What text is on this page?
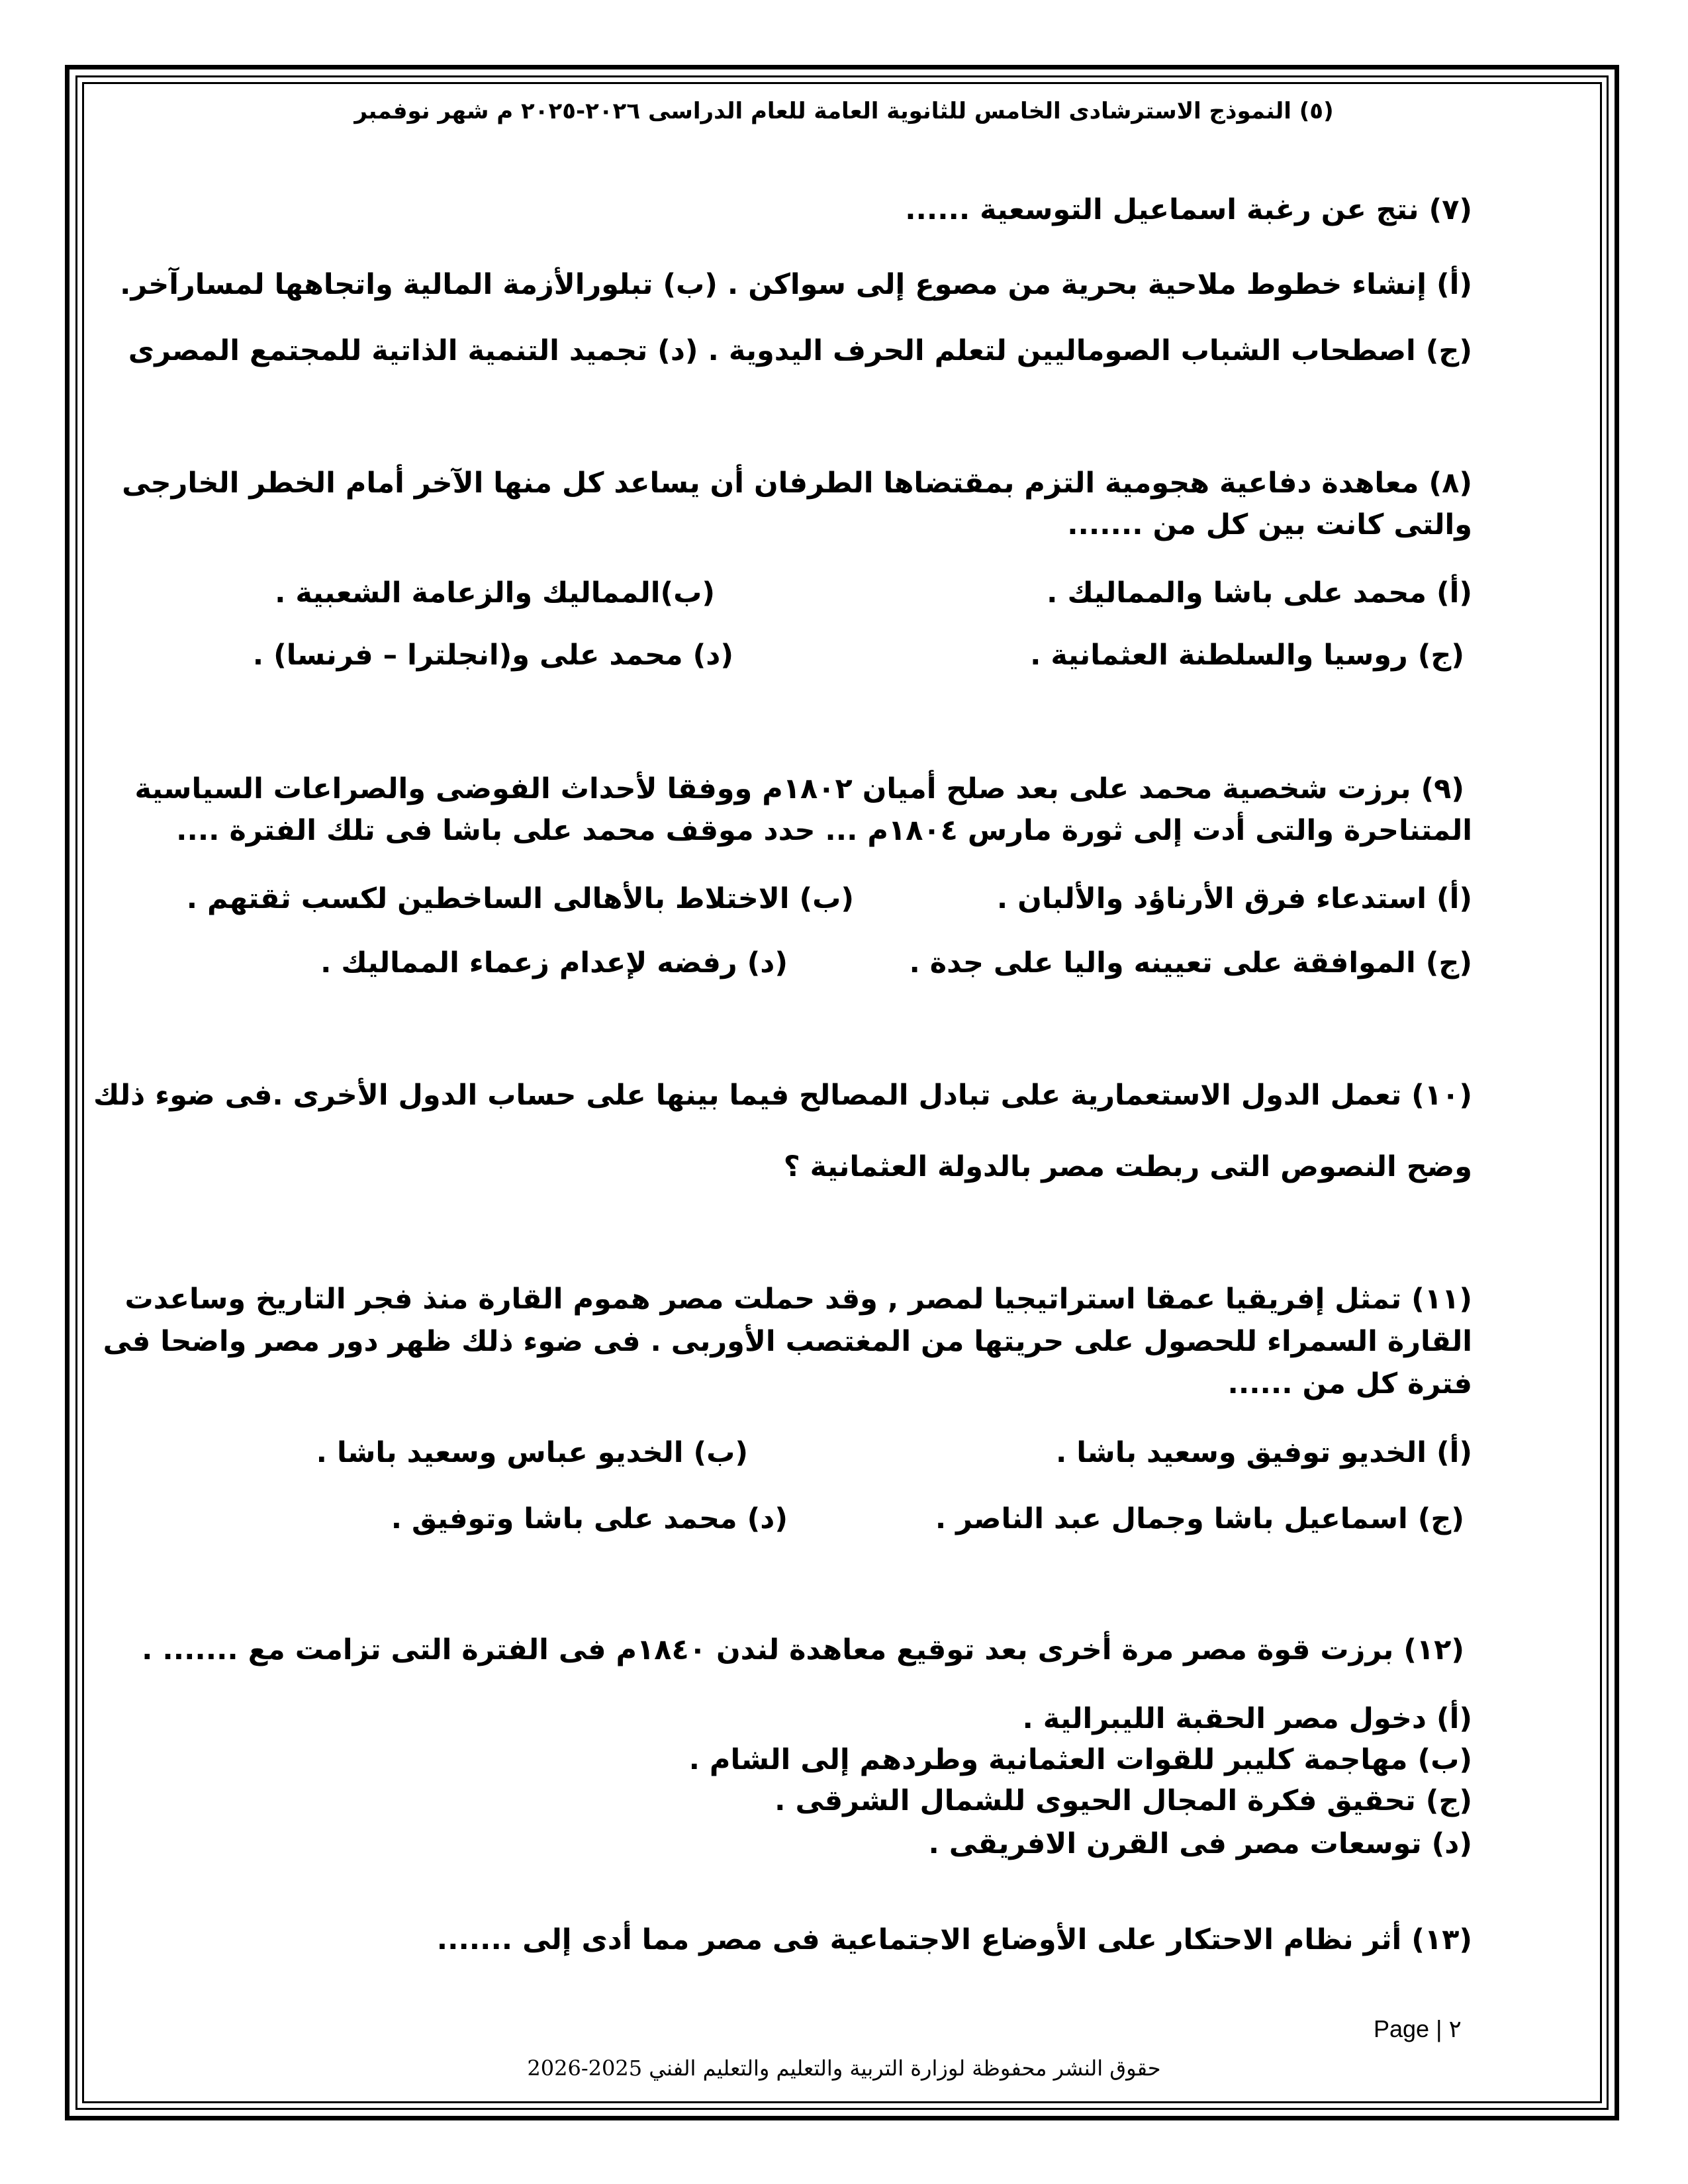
(٥) النموذج الاسترشادى الخامس للثانوية العامة للعام الدراسى ٢٠٢٦-٢٠٢٥ م شهر نوفمبر
(٧) نتج عن رغبة اسماعيل التوسعية ......
(أ) إنشاء خطوط ملاحية بحرية من مصوع إلى سواكن . (ب) تبلورالأزمة المالية واتجاهها لمسارآخر.
(ج) اصطحاب الشباب الصوماليين لتعلم الحرف اليدوية . (د) تجميد التنمية الذاتية للمجتمع المصرى
(٨) معاهدة دفاعية هجومية التزم بمقتضاها الطرفان أن يساعد كل منها الآخر أمام الخطر الخارجى
والتى كانت بين كل من .......
(أ) محمد على باشا والمماليك .
(ب)المماليك والزعامة الشعبية .
(ج) روسيا والسلطنة العثمانية .
(د) محمد على و(انجلترا – فرنسا) .
(٩) برزت شخصية محمد على بعد صلح أميان ١٨٠٢م ووفقا لأحداث الفوضى والصراعات السياسية
المتناحرة والتى أدت إلى ثورة مارس ١٨٠٤م ... حدد موقف محمد على باشا فى تلك الفترة ....
(أ) استدعاء فرق الأرناؤد والألبان .
(ب) الاختلاط بالأهالى الساخطين لكسب ثقتهم .
(ج) الموافقة على تعيينه واليا على جدة .
(د) رفضه لإعدام زعماء المماليك .
(١٠) تعمل الدول الاستعمارية على تبادل المصالح فيما بينها على حساب الدول الأخرى .فى ضوء ذلك
وضح النصوص التى ربطت مصر بالدولة العثمانية ؟
(١١) تمثل إفريقيا عمقا استراتيجيا لمصر , وقد حملت مصر هموم القارة منذ فجر التاريخ وساعدت
القارة السمراء للحصول على حريتها من المغتصب الأوربى . فى ضوء ذلك ظهر دور مصر واضحا فى
فترة كل من ......
(أ) الخديو توفيق وسعيد باشا .
(ب) الخديو عباس وسعيد باشا .
(ج) اسماعيل باشا وجمال عبد الناصر .
(د) محمد على باشا وتوفيق .
(١٢) برزت قوة مصر مرة أخرى بعد توقيع معاهدة لندن ١٨٤٠م فى الفترة التى تزامت مع ....... .
(أ) دخول مصر الحقبة الليبرالية .
(ب) مهاجمة كليبر للقوات العثمانية وطردهم إلى الشام .
(ج) تحقيق فكرة المجال الحيوى للشمال الشرقى .
(د) توسعات مصر فى القرن الافريقى .
(١٣) أثر نظام الاحتكار على الأوضاع الاجتماعية فى مصر مما أدى إلى .......
Page | ٢
حقوق النشر محفوظة لوزارة التربية والتعليم والتعليم الفني 2025-2026
